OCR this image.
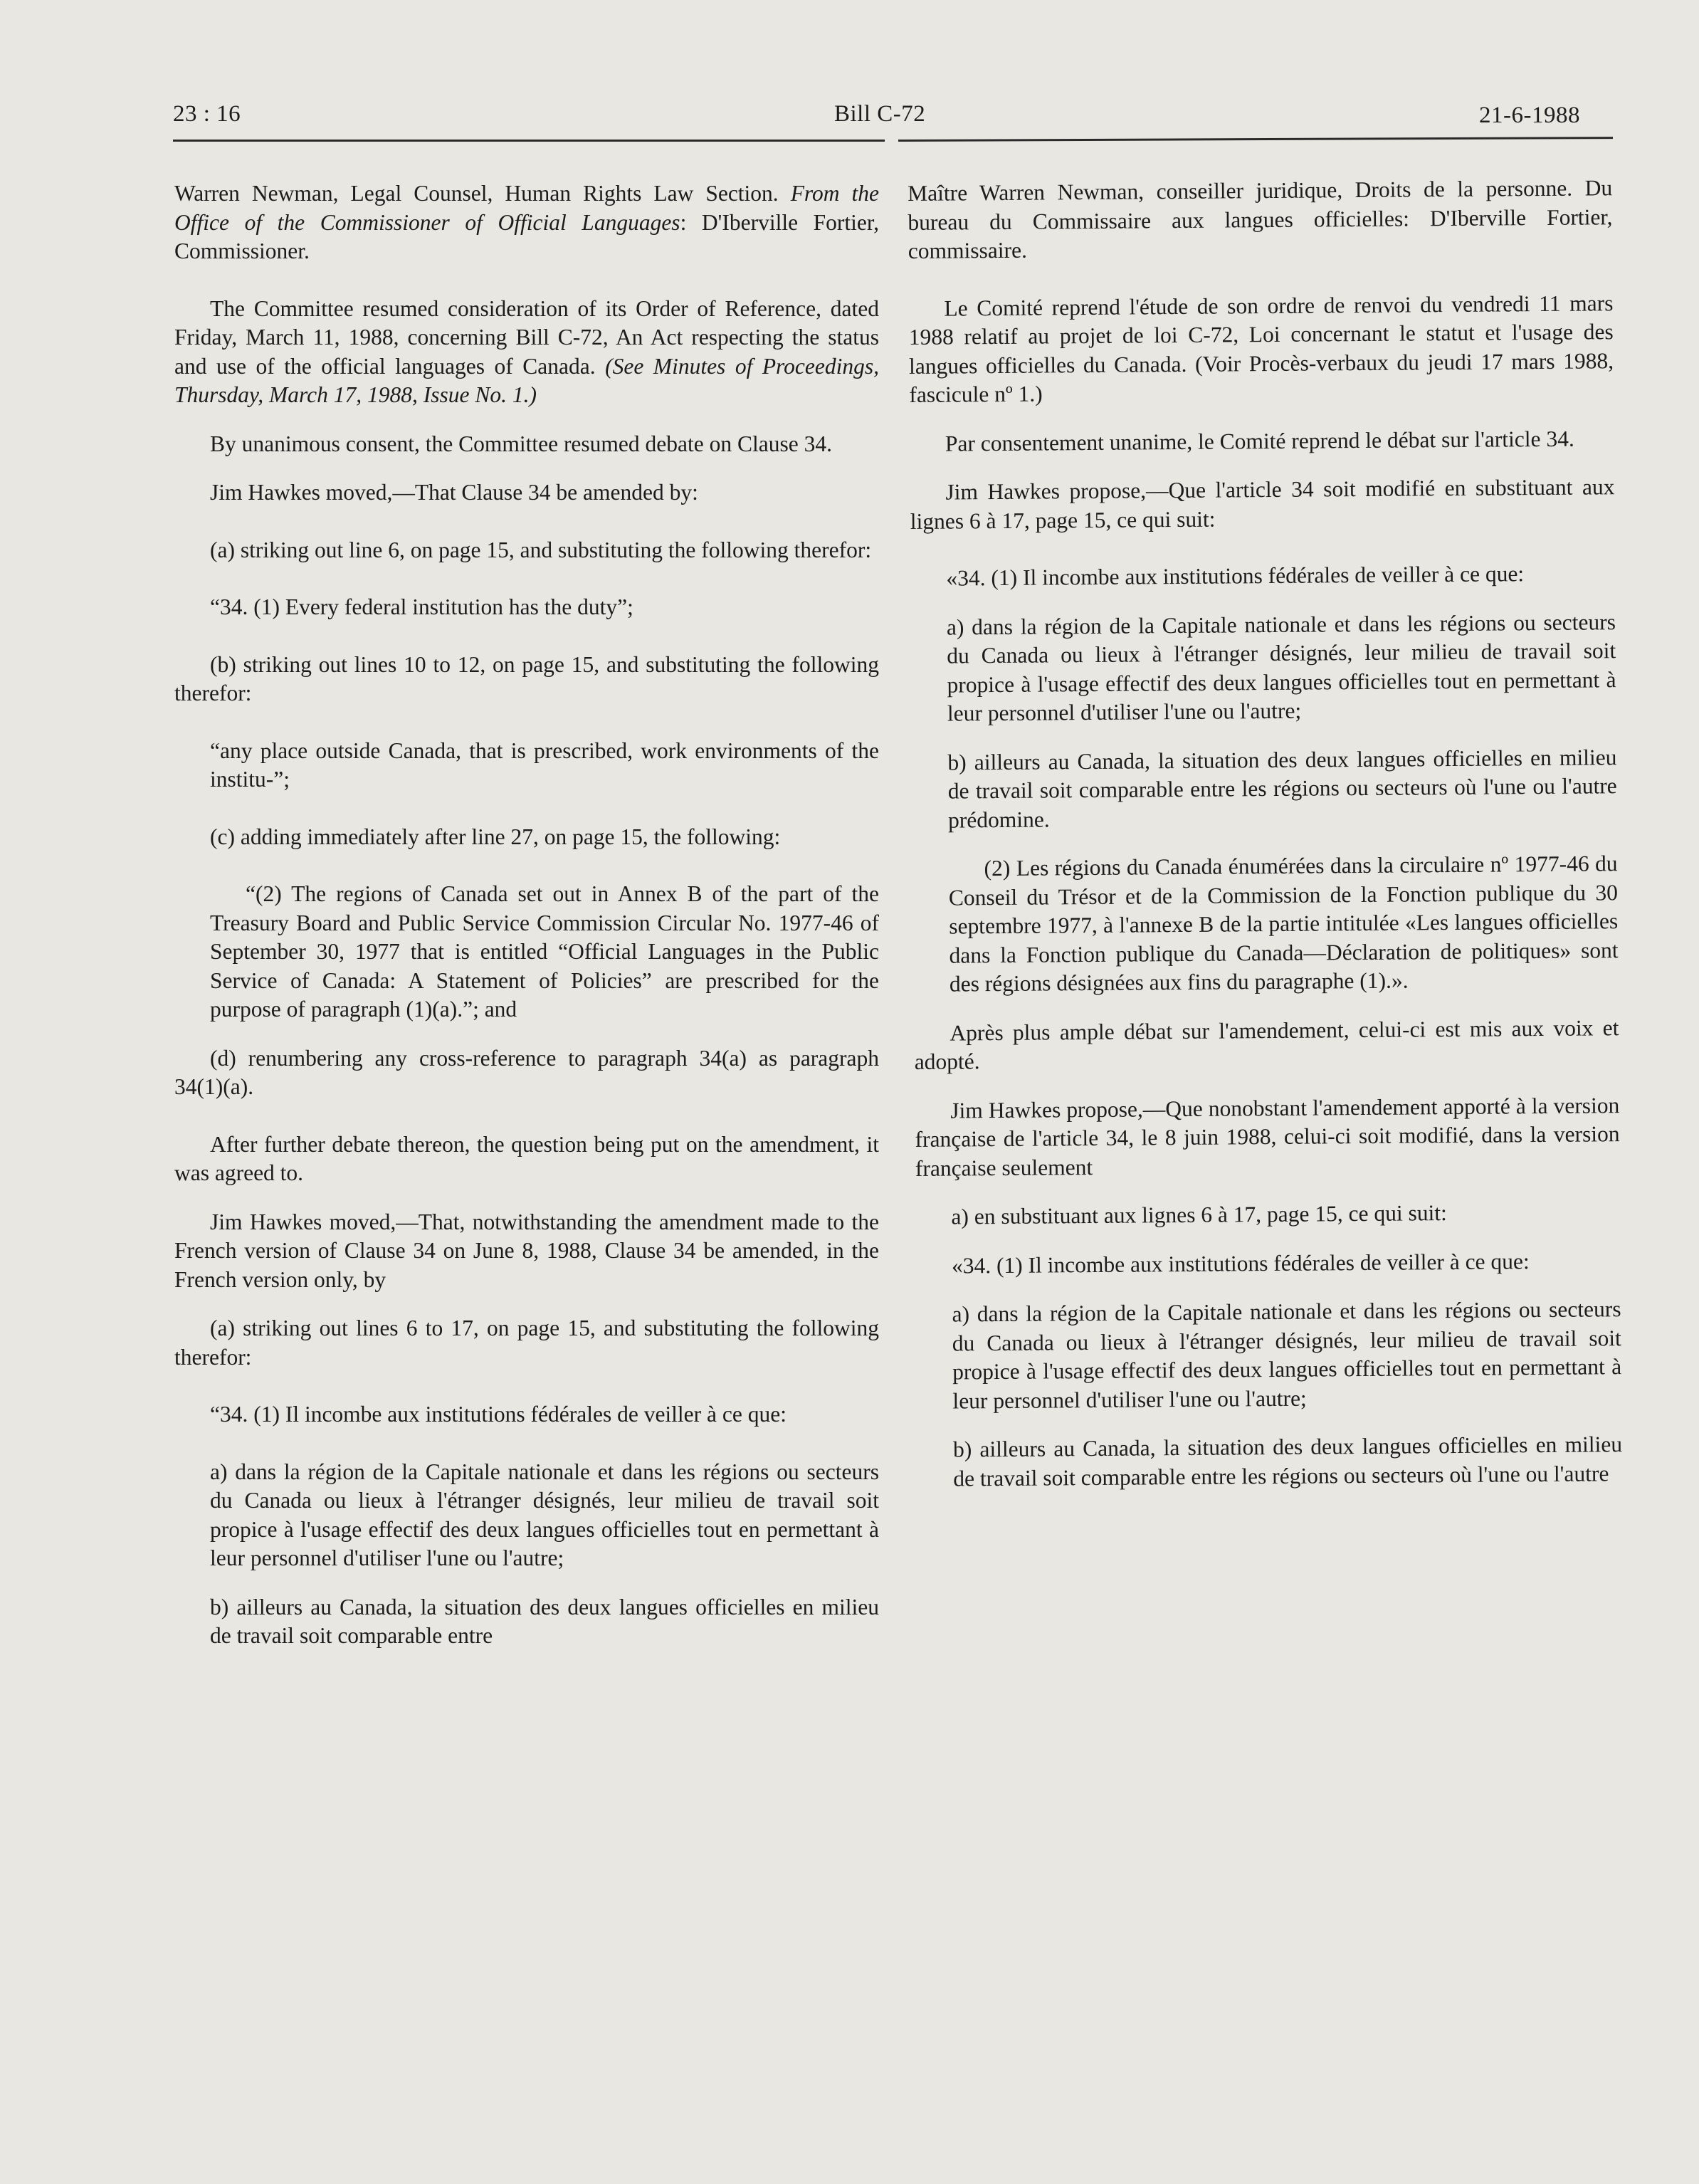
23 : 16	Bill C-72	21-6-1988

Warren Newman, Legal Counsel, Human Rights Law Section. From the Office of the Commissioner of Official Languages: D'Iberville Fortier, Commissioner.

The Committee resumed consideration of its Order of Reference, dated Friday, March 11, 1988, concerning Bill C-72, An Act respecting the status and use of the official languages of Canada. (See Minutes of Proceedings, Thursday, March 17, 1988, Issue No. 1.)

By unanimous consent, the Committee resumed debate on Clause 34.

Jim Hawkes moved,—That Clause 34 be amended by:

(a) striking out line 6, on page 15, and substituting the following therefor:

“34. (1) Every federal institution has the duty”;

(b) striking out lines 10 to 12, on page 15, and substituting the following therefor:

“any place outside Canada, that is prescribed, work environments of the institu-”;

(c) adding immediately after line 27, on page 15, the following:

“(2) The regions of Canada set out in Annex B of the part of the Treasury Board and Public Service Commission Circular No. 1977-46 of September 30, 1977 that is entitled “Official Languages in the Public Service of Canada: A Statement of Policies” are prescribed for the purpose of paragraph (1)(a).”; and

(d) renumbering any cross-reference to paragraph 34(a) as paragraph 34(1)(a).

After further debate thereon, the question being put on the amendment, it was agreed to.

Jim Hawkes moved,—That, notwithstanding the amendment made to the French version of Clause 34 on June 8, 1988, Clause 34 be amended, in the French version only, by

(a) striking out lines 6 to 17, on page 15, and substituting the following therefor:

“34. (1) Il incombe aux institutions fédérales de veiller à ce que:

a) dans la région de la Capitale nationale et dans les régions ou secteurs du Canada ou lieux à l'étranger désignés, leur milieu de travail soit propice à l'usage effectif des deux langues officielles tout en permettant à leur personnel d'utiliser l'une ou l'autre;

b) ailleurs au Canada, la situation des deux langues officielles en milieu de travail soit comparable entre

Maître Warren Newman, conseiller juridique, Droits de la personne. Du bureau du Commissaire aux langues officielles: D'Iberville Fortier, commissaire.

Le Comité reprend l'étude de son ordre de renvoi du vendredi 11 mars 1988 relatif au projet de loi C-72, Loi concernant le statut et l'usage des langues officielles du Canada. (Voir Procès-verbaux du jeudi 17 mars 1988, fascicule nº 1.)

Par consentement unanime, le Comité reprend le débat sur l'article 34.

Jim Hawkes propose,—Que l'article 34 soit modifié en substituant aux lignes 6 à 17, page 15, ce qui suit:

«34. (1) Il incombe aux institutions fédérales de veiller à ce que:

a) dans la région de la Capitale nationale et dans les régions ou secteurs du Canada ou lieux à l'étranger désignés, leur milieu de travail soit propice à l'usage effectif des deux langues officielles tout en permettant à leur personnel d'utiliser l'une ou l'autre;

b) ailleurs au Canada, la situation des deux langues officielles en milieu de travail soit comparable entre les régions ou secteurs où l'une ou l'autre prédomine.

(2) Les régions du Canada énumérées dans la circulaire nº 1977-46 du Conseil du Trésor et de la Commission de la Fonction publique du 30 septembre 1977, à l'annexe B de la partie intitulée «Les langues officielles dans la Fonction publique du Canada—Déclaration de politiques» sont des régions désignées aux fins du paragraphe (1).».

Après plus ample débat sur l'amendement, celui-ci est mis aux voix et adopté.

Jim Hawkes propose,—Que nonobstant l'amendement apporté à la version française de l'article 34, le 8 juin 1988, celui-ci soit modifié, dans la version française seulement

a) en substituant aux lignes 6 à 17, page 15, ce qui suit:

«34. (1) Il incombe aux institutions fédérales de veiller à ce que:

a) dans la région de la Capitale nationale et dans les régions ou secteurs du Canada ou lieux à l'étranger désignés, leur milieu de travail soit propice à l'usage effectif des deux langues officielles tout en permettant à leur personnel d'utiliser l'une ou l'autre;

b) ailleurs au Canada, la situation des deux langues officielles en milieu de travail soit comparable entre les régions ou secteurs où l'une ou l'autre
